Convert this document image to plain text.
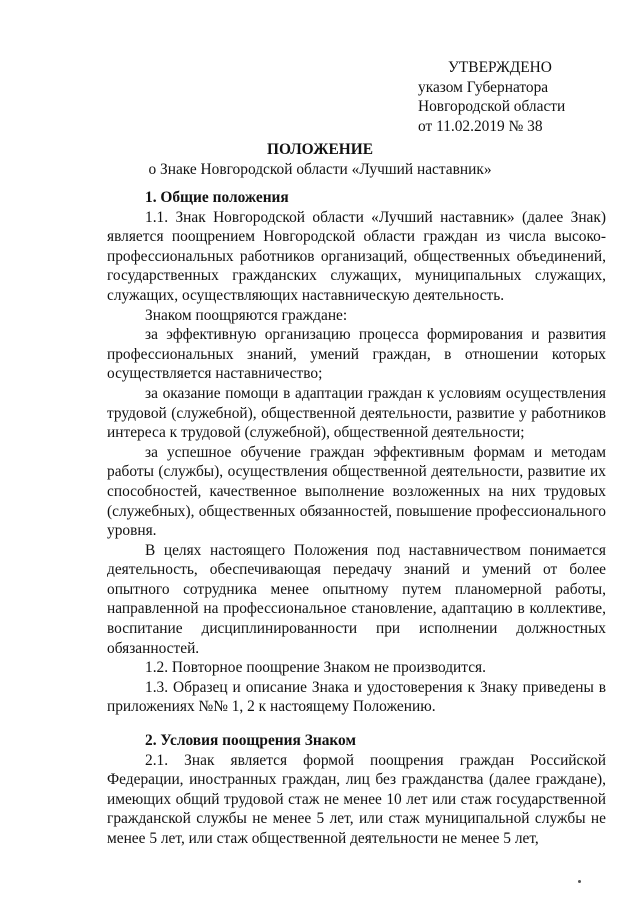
УТВЕРЖДЕНО
указом Губернатора
Новгородской области
от 11.02.2019 № 38
ПОЛОЖЕНИЕ
о Знаке Новгородской области «Лучший наставник»
1. Общие положения

1.1. Знак Новгородской области «Лучший наставник» (далее Знак) является поощрением Новгородской области граждан из числа высоко-профессиональных работников организаций, общественных объединений, государственных гражданских служащих, муниципальных служащих, служащих, осуществляющих наставническую деятельность.

Знаком поощряются граждане:

за эффективную организацию процесса формирования и развития профессиональных знаний, умений граждан, в отношении которых осуществляется наставничество;

за оказание помощи в адаптации граждан к условиям осуществления трудовой (служебной), общественной деятельности, развитие у работников интереса к трудовой (служебной), общественной деятельности;

за успешное обучение граждан эффективным формам и методам работы (службы), осуществления общественной деятельности, развитие их способностей, качественное выполнение возложенных на них трудовых (служебных), общественных обязанностей, повышение профессионального уровня.

В целях настоящего Положения под наставничеством понимается деятельность, обеспечивающая передачу знаний и умений от более опытного сотрудника менее опытному путем планомерной работы, направленной на профессиональное становление, адаптацию в коллективе, воспитание дисциплинированности при исполнении должностных обязанностей.

1.2. Повторное поощрение Знаком не производится.

1.3. Образец и описание Знака и удостоверения к Знаку приведены в приложениях №№ 1, 2 к настоящему Положению.

2. Условия поощрения Знаком

2.1. Знак является формой поощрения граждан Российской Федерации, иностранных граждан, лиц без гражданства (далее граждане), имеющих общий трудовой стаж не менее 10 лет или стаж государственной гражданской службы не менее 5 лет, или стаж муниципальной службы не менее 5 лет, или стаж общественной деятельности не менее 5 лет,
